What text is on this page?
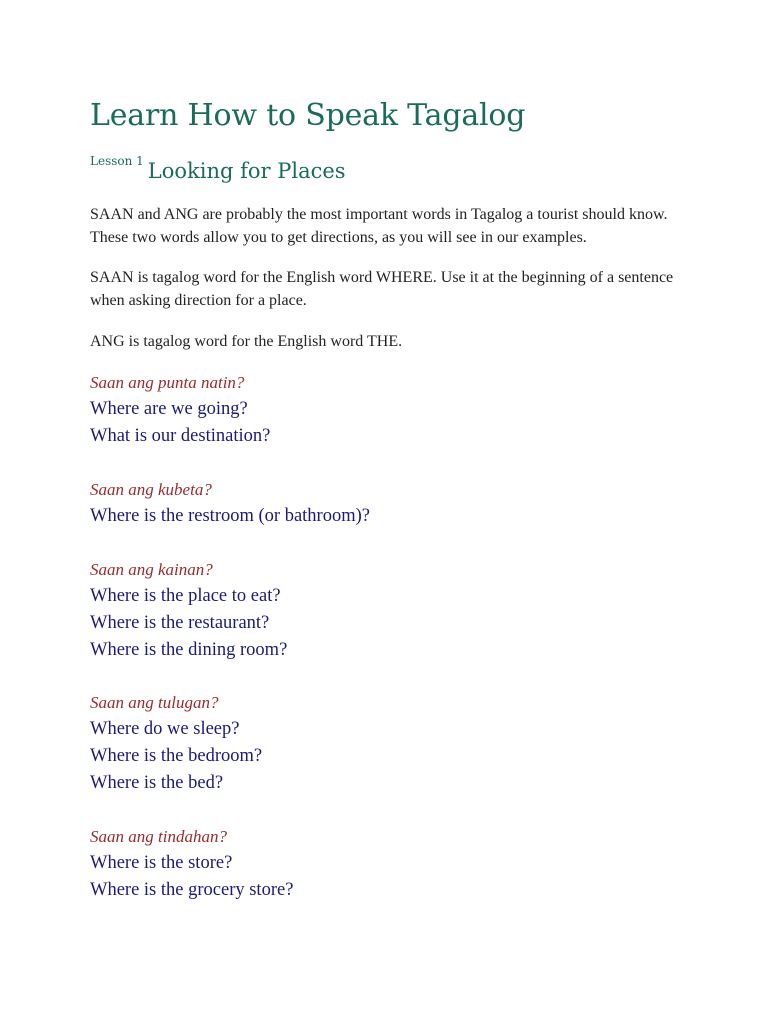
Learn How to Speak Tagalog
$^{Lesson 1}$ Looking for Places

SAAN and ANG are probably the most important words in Tagalog a tourist should know. These two words allow you to get directions, as you will see in our examples.

SAAN is tagalog word for the English word WHERE. Use it at the beginning of a sentence when asking direction for a place.

ANG is tagalog word for the English word THE.

Saan ang punta natin?

Where are we going?
What is our destination?

Saan ang kubeta?

Where is the restroom (or bathroom)?

Saan ang kainan?

Where is the place to eat?
Where is the restaurant?
Where is the dining room?

Saan ang tulugan?

Where do we sleep?
Where is the bedroom?
Where is the bed?

Saan ang tindahan?

Where is the store?
Where is the grocery store?
